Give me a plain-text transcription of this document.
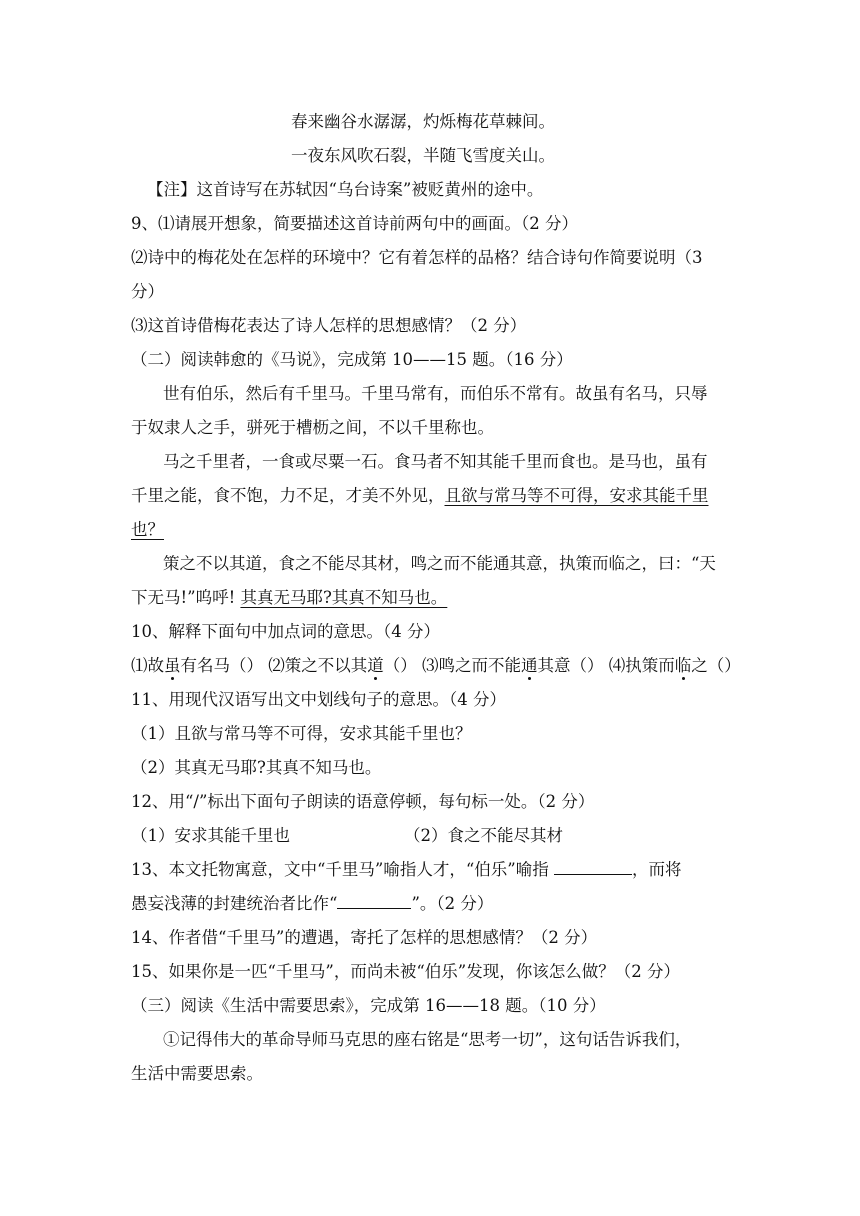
春来幽谷水潺潺，灼烁梅花草棘间。
一夜东风吹石裂，半随飞雪度关山。
【注】这首诗写在苏轼因“乌台诗案”被贬黄州的途中。
9、⑴请展开想象，简要描述这首诗前两句中的画面。（2 分）
⑵诗中的梅花处在怎样的环境中？它有着怎样的品格？结合诗句作简要说明（3
分）
⑶这首诗借梅花表达了诗人怎样的思想感情？（2 分）
（二）阅读韩愈的《马说》，完成第 10——15 题。（16 分）
世有伯乐，然后有千里马。千里马常有，而伯乐不常有。故虽有名马，只辱
于奴隶人之手，骈死于槽枥之间，不以千里称也。
马之千里者，一食或尽粟一石。食马者不知其能千里而食也。是马也，虽有
千里之能，食不饱，力不足，才美不外见，且欲与常马等不可得，安求其能千里
也？
策之不以其道，食之不能尽其材，鸣之而不能通其意，执策而临之，曰：“天
下无马!”呜呼! 其真无马耶?其真不知马也。
10、解释下面句中加点词的意思。（4 分）
⑴故虽有名马（） ⑵策之不以其道（） ⑶鸣之而不能通其意（） ⑷执策而临之（）
11、用现代汉语写出文中划线句子的意思。（4 分）
（1）且欲与常马等不可得，安求其能千里也？
（2）其真无马耶?其真不知马也。
12、用“/”标出下面句子朗读的语意停顿，每句标一处。（2 分）
（1）安求其能千里也	（2）食之不能尽其材
13、本文托物寓意，文中“千里马”喻指人才，“伯乐”喻指	，而将
愚妄浅薄的封建统治者比作“	”。（2 分）
14、作者借“千里马”的遭遇，寄托了怎样的思想感情？（2 分）
15、如果你是一匹“千里马”，而尚未被“伯乐”发现，你该怎么做？（2 分）
（三）阅读《生活中需要思索》，完成第 16——18 题。（10 分）
①记得伟大的革命导师马克思的座右铭是“思考一切”，这句话告诉我们，
生活中需要思索。
